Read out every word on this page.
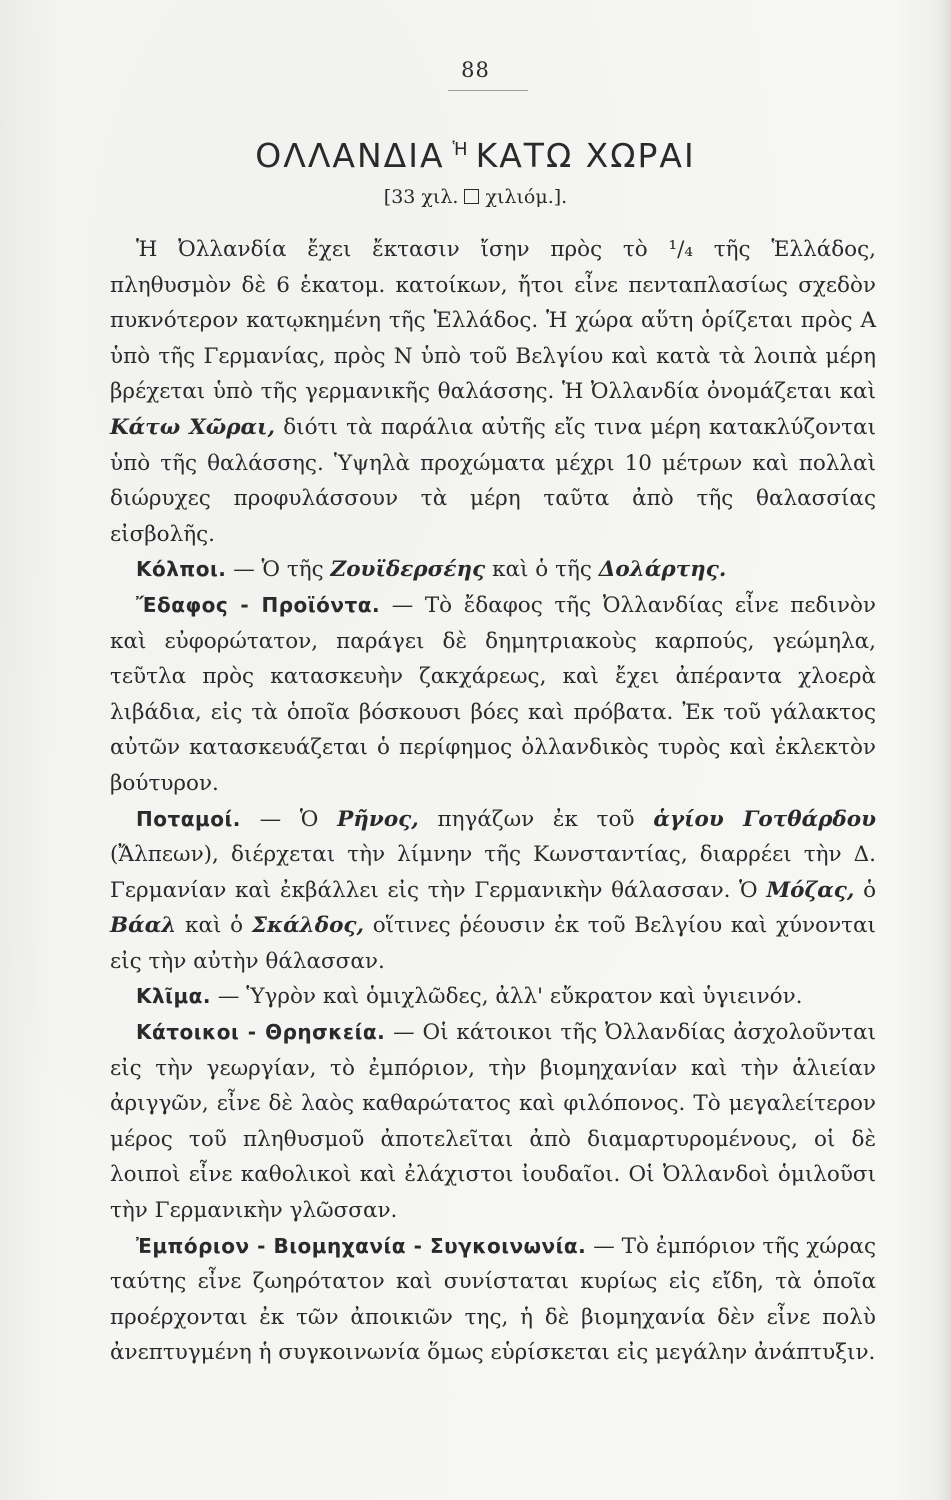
88
ΟΛΛΑΝΔΙΑ $^Ἡ$ ΚΑΤΩ ΧΩΡΑΙ
[33 χιλ. χιλιόμ.].

Ἡ Ὀλλανδία ἔχει ἔκτασιν ἴσην πρὸς τὸ ¹/₄ τῆς Ἑλλάδος, πληθυσμὸν δὲ 6 ἑκατομ. κατοίκων, ἤτοι εἶνε πενταπλασίως σχεδὸν πυκνότερον κατῳκημένη τῆς Ἑλλάδος. Ἡ χώρα αὕτη ὁρίζεται πρὸς Α ὑπὸ τῆς Γερμανίας, πρὸς Ν ὑπὸ τοῦ Βελγίου καὶ κατὰ τὰ λοιπὰ μέρη βρέχεται ὑπὸ τῆς γερμανικῆς θαλάσσης. Ἡ Ὀλλανδία ὀνομάζεται καὶ Κάτω Χῶραι, διότι τὰ παράλια αὐτῆς εἴς τινα μέρη κατακλύζονται ὑπὸ τῆς θαλάσσης. Ὑψηλὰ προχώματα μέχρι 10 μέτρων καὶ πολλαὶ διώρυχες προφυλάσσουν τὰ μέρη ταῦτα ἀπὸ τῆς θαλασσίας εἰσβολῆς.

Κόλποι. — Ὁ τῆς Ζουϊδερσέης καὶ ὁ τῆς Δολάρτης.

Ἔδαφος - Προϊόντα. — Τὸ ἔδαφος τῆς Ὀλλανδίας εἶνε πεδινὸν καὶ εὐφορώτατον, παράγει δὲ δημητριακοὺς καρπούς, γεώμηλα, τεῦτλα πρὸς κατασκευὴν ζακχάρεως, καὶ ἔχει ἀπέραντα χλοερὰ λιβάδια, εἰς τὰ ὁποῖα βόσκουσι βόες καὶ πρόβατα. Ἐκ τοῦ γάλακτος αὐτῶν κατασκευάζεται ὁ περίφημος ὀλλανδικὸς τυρὸς καὶ ἐκλεκτὸν βούτυρον.

Ποταμοί. — Ὁ Ρῆνος, πηγάζων ἐκ τοῦ ἁγίου Γοτθάρδου (Ἄλπεων), διέρχεται τὴν λίμνην τῆς Κωνσταντίας, διαρρέει τὴν Δ. Γερμανίαν καὶ ἐκβάλλει εἰς τὴν Γερμανικὴν θάλασσαν. Ὁ Μόζας, ὁ Βάαλ καὶ ὁ Σκάλδος, οἵτινες ῥέουσιν ἐκ τοῦ Βελγίου καὶ χύνονται εἰς τὴν αὐτὴν θάλασσαν.

Κλῖμα. — Ὑγρὸν καὶ ὁμιχλῶδες, ἀλλ' εὔκρατον καὶ ὑγιεινόν.

Κάτοικοι - Θρησκεία. — Οἱ κάτοικοι τῆς Ὀλλανδίας ἀσχολοῦνται εἰς τὴν γεωργίαν, τὸ ἐμπόριον, τὴν βιομηχανίαν καὶ τὴν ἁλιείαν ἀριγγῶν, εἶνε δὲ λαὸς καθαρώτατος καὶ φιλόπονος. Τὸ μεγαλείτερον μέρος τοῦ πληθυσμοῦ ἀποτελεῖται ἀπὸ διαμαρτυρομένους, οἱ δὲ λοιποὶ εἶνε καθολικοὶ καὶ ἐλάχιστοι ἰουδαῖοι. Οἱ Ὀλλανδοὶ ὁμιλοῦσι τὴν Γερμανικὴν γλῶσσαν.

Ἐμπόριον - Βιομηχανία - Συγκοινωνία. — Τὸ ἐμπόριον τῆς χώρας ταύτης εἶνε ζωηρότατον καὶ συνίσταται κυρίως εἰς εἴδη, τὰ ὁποῖα προέρχονται ἐκ τῶν ἀποικιῶν της, ἡ δὲ βιομηχανία δὲν εἶνε πολὺ ἀνεπτυγμένη ἡ συγκοινωνία ὅμως εὑρίσκεται εἰς μεγάλην ἀνάπτυξιν.
